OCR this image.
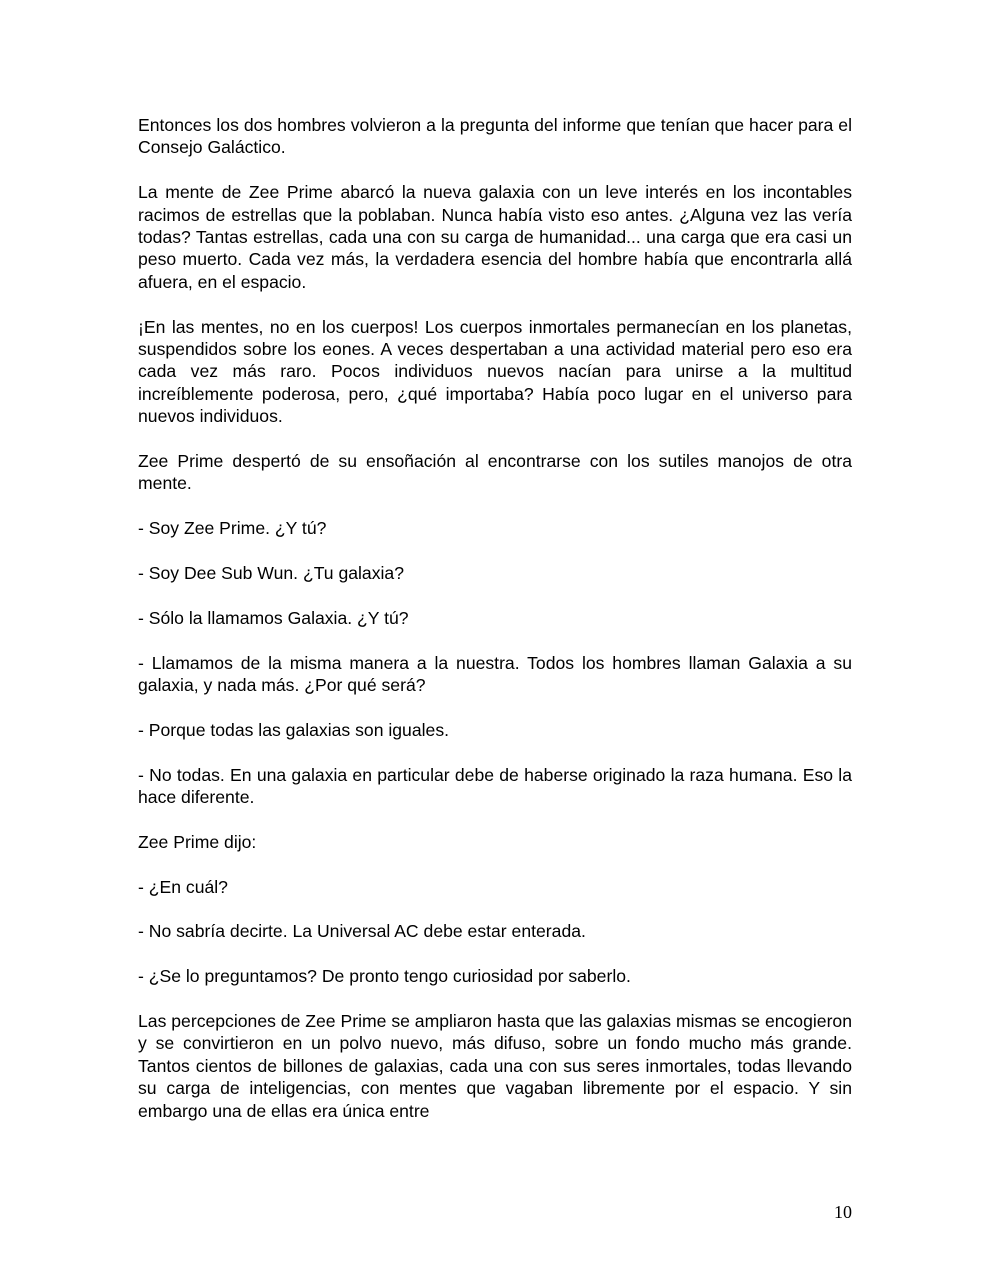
Entonces los dos hombres volvieron a la pregunta del informe que tenían que hacer para el Consejo Galáctico.

La mente de Zee Prime abarcó la nueva galaxia con un leve interés en los incontables racimos de estrellas que la poblaban. Nunca había visto eso antes. ¿Alguna vez las vería todas? Tantas estrellas, cada una con su carga de humanidad... una carga que era casi un peso muerto. Cada vez más, la verdadera esencia del hombre había que encontrarla allá afuera, en el espacio.

¡En las mentes, no en los cuerpos! Los cuerpos inmortales permanecían en los planetas, suspendidos sobre los eones. A veces despertaban a una actividad material pero eso era cada vez más raro. Pocos individuos nuevos nacían para unirse a la multitud increíblemente poderosa, pero, ¿qué importaba? Había poco lugar en el universo para nuevos individuos.

Zee Prime despertó de su ensoñación al encontrarse con los sutiles manojos de otra mente.

- Soy Zee Prime. ¿Y tú?

- Soy Dee Sub Wun. ¿Tu galaxia?

- Sólo la llamamos Galaxia. ¿Y tú?

- Llamamos de la misma manera a la nuestra. Todos los hombres llaman Galaxia a su galaxia, y nada más. ¿Por qué será?

- Porque todas las galaxias son iguales.

- No todas. En una galaxia en particular debe de haberse originado la raza humana. Eso la hace diferente.

Zee Prime dijo:

- ¿En cuál?

- No sabría decirte. La Universal AC debe estar enterada.

- ¿Se lo preguntamos? De pronto tengo curiosidad por saberlo.

Las percepciones de Zee Prime se ampliaron hasta que las galaxias mismas se encogieron y se convirtieron en un polvo nuevo, más difuso, sobre un fondo mucho más grande. Tantos cientos de billones de galaxias, cada una con sus seres inmortales, todas llevando su carga de inteligencias, con mentes que vagaban libremente por el espacio. Y sin embargo una de ellas era única entre

10
